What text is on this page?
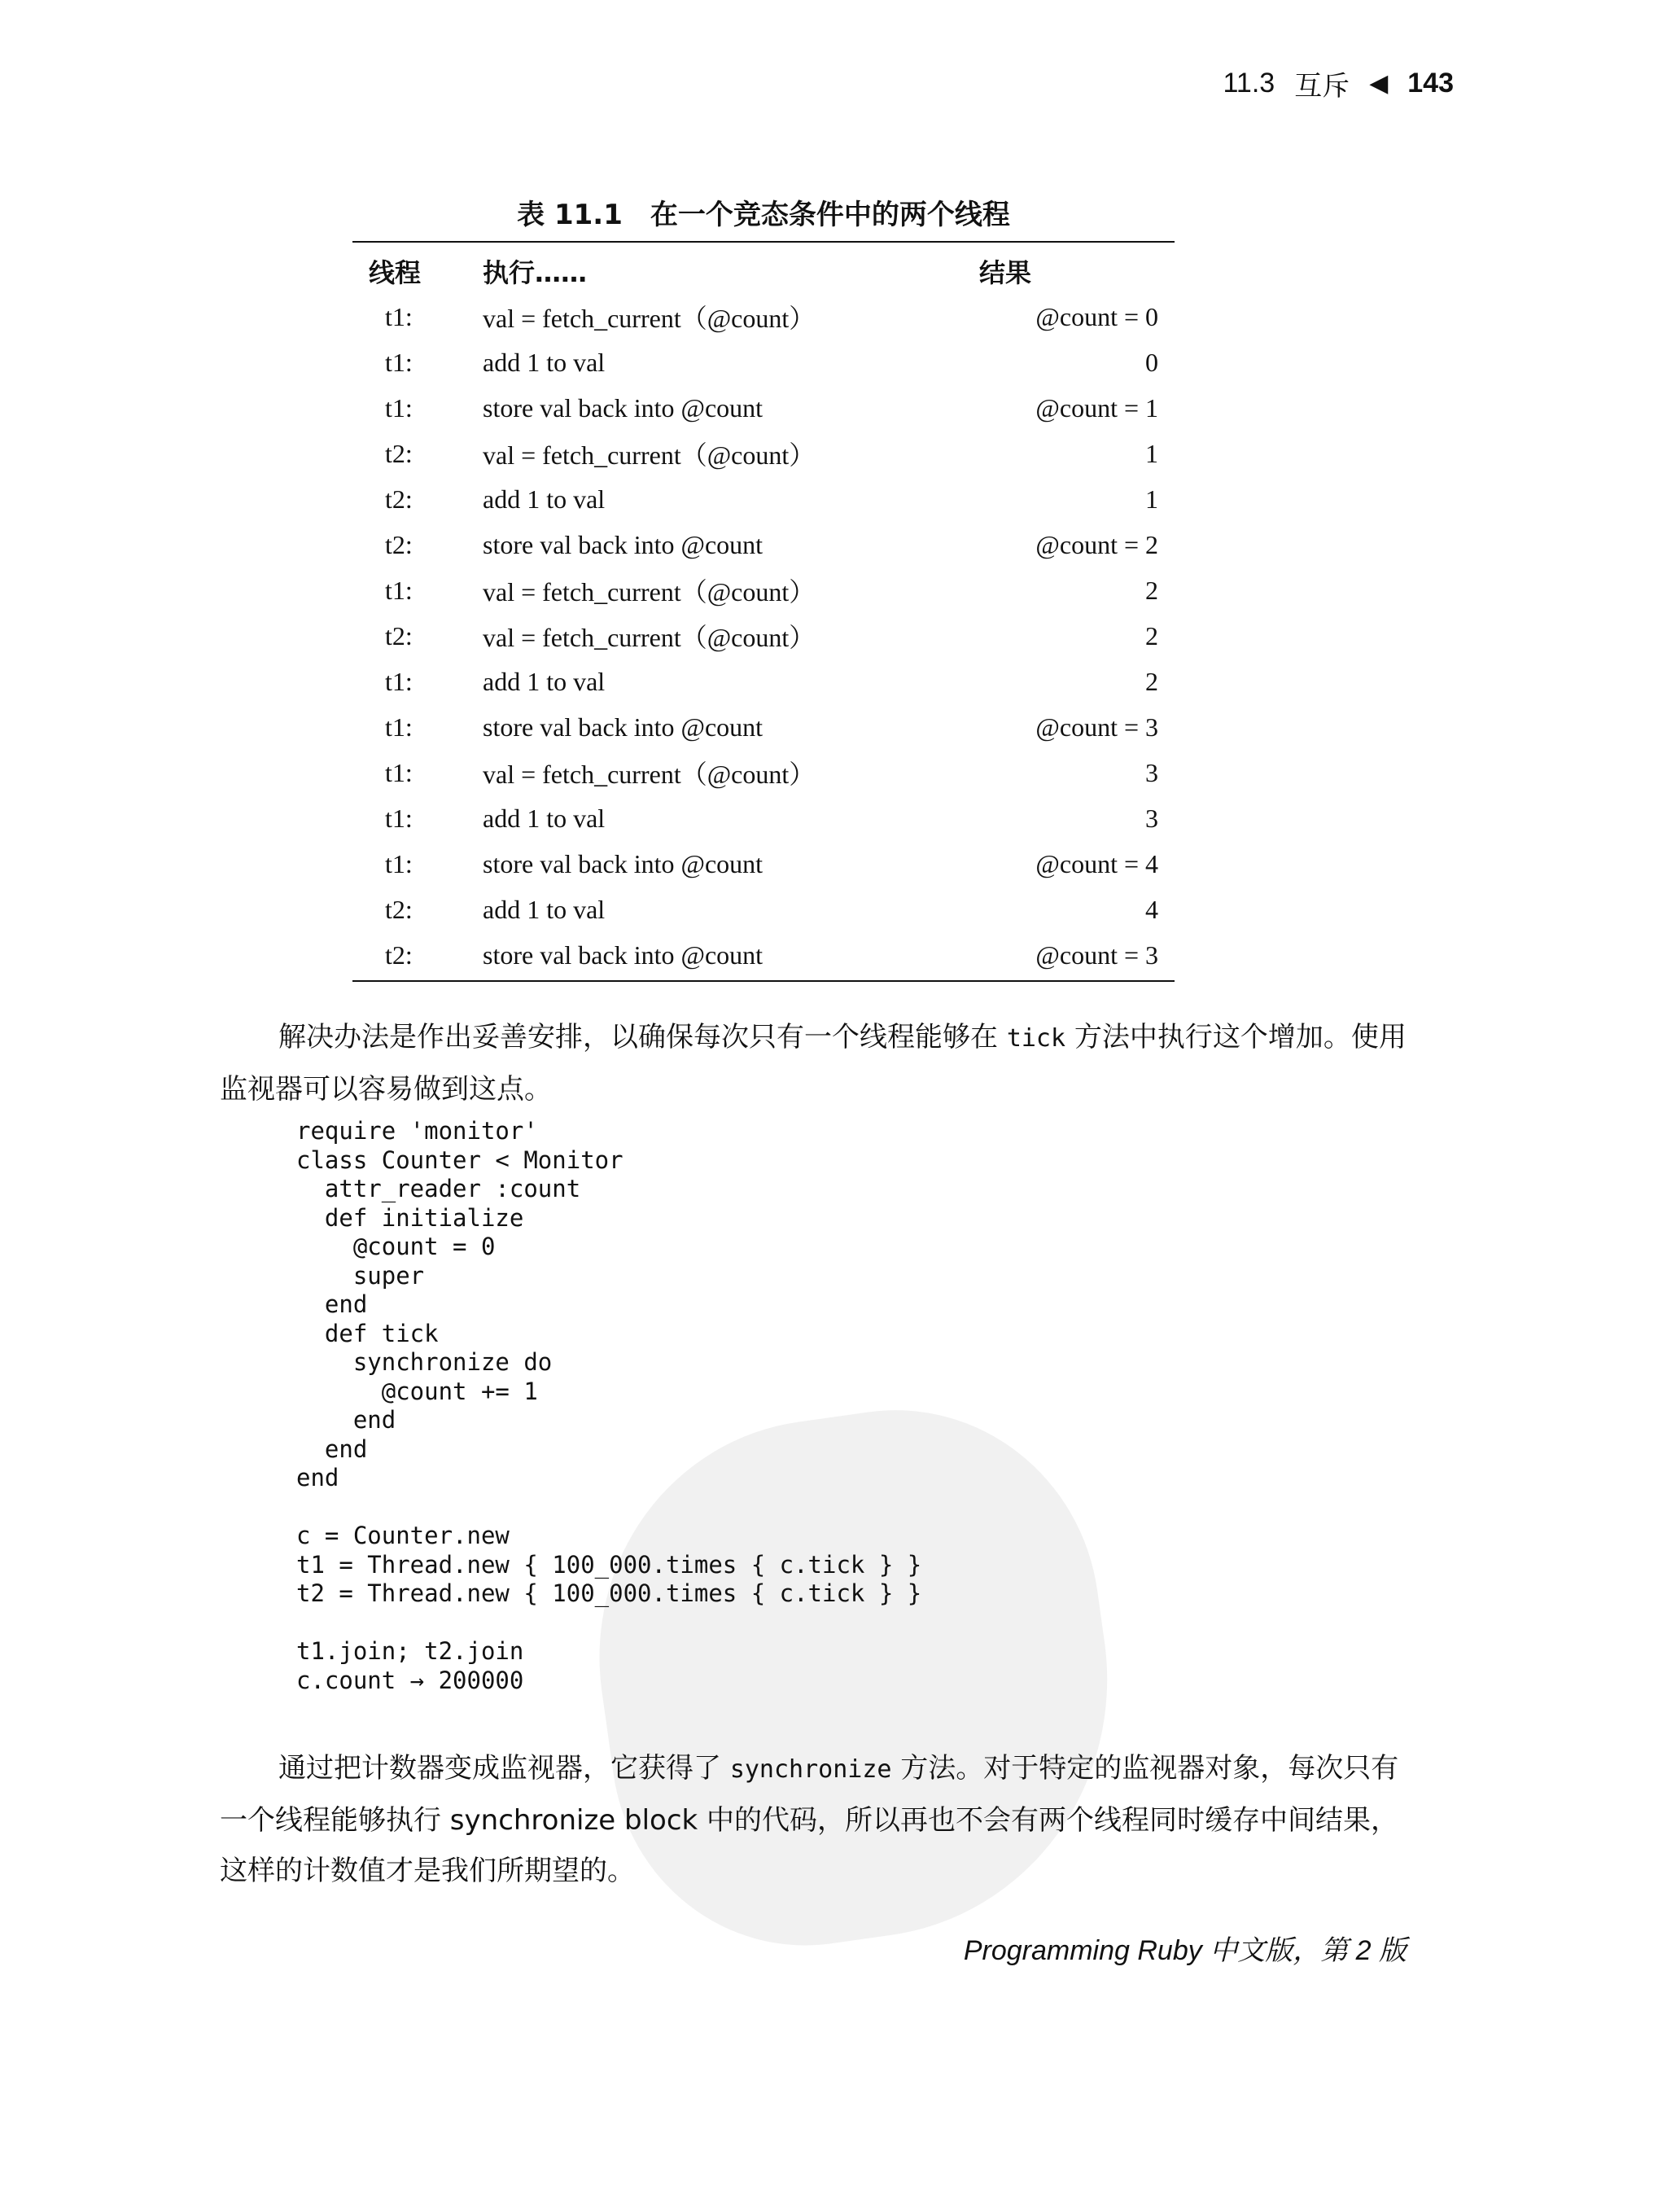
11.3 互斥 ◀ 143
表 11.1　在一个竞态条件中的两个线程
线程	执行……	结果
t1:	val = fetch_current（@count）	@count = 0
t1:	add 1 to val	0
t1:	store val back into @count	@count = 1
t2:	val = fetch_current（@count）	1
t2:	add 1 to val	1
t2:	store val back into @count	@count = 2
t1:	val = fetch_current（@count）	2
t2:	val = fetch_current（@count）	2
t1:	add 1 to val	2
t1:	store val back into @count	@count = 3
t1:	val = fetch_current（@count）	3
t1:	add 1 to val	3
t1:	store val back into @count	@count = 4
t2:	add 1 to val	4
t2:	store val back into @count	@count = 3
解决办法是作出妥善安排，以确保每次只有一个线程能够在 tick 方法中执行这个增加。使用监视器可以容易做到这点。
require 'monitor'
class Counter < Monitor
attr_reader :count
def initialize
@count = 0
super
end
def tick
synchronize do
@count += 1
end
end
end

c = Counter.new
t1 = Thread.new { 100_000.times { c.tick } }
t2 = Thread.new { 100_000.times { c.tick } }

t1.join; t2.join
c.count → 200000
通过把计数器变成监视器，它获得了 synchronize 方法。对于特定的监视器对象，每次只有一个线程能够执行 synchronize block 中的代码，所以再也不会有两个线程同时缓存中间结果，这样的计数值才是我们所期望的。
Programming Ruby 中文版，第 2 版
